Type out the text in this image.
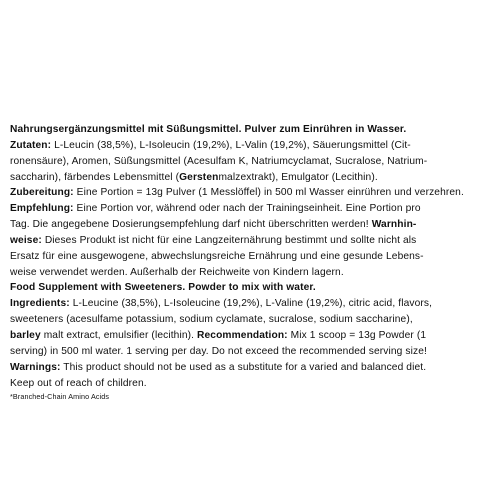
Nahrungsergänzungsmittel mit Süßungsmittel. Pulver zum Einrühren in Wasser.
Zutaten: L-Leucin (38,5%), L-Isoleucin (19,2%), L-Valin (19,2%), Säuerungsmittel (Cit-
ronensäure), Aromen, Süßungsmittel (Acesulfam K, Natriumcyclamat, Sucralose, Natrium-
saccharin), färbendes Lebensmittel (Gerstenmalzextrakt), Emulgator (Lecithin).
Zubereitung: Eine Portion = 13g Pulver (1 Messlöffel) in 500 ml Wasser einrühren und verzehren.
Empfehlung: Eine Portion vor, während oder nach der Trainingseinheit. Eine Portion pro
Tag. Die angegebene Dosierungsempfehlung darf nicht überschritten werden! Warnhin-
weise: Dieses Produkt ist nicht für eine Langzeiternährung bestimmt und sollte nicht als
Ersatz für eine ausgewogene, abwechslungsreiche Ernährung und eine gesunde Lebens-
weise verwendet werden. Außerhalb der Reichweite von Kindern lagern.
Food Supplement with Sweeteners. Powder to mix with water.
Ingredients: L-Leucine (38,5%), L-Isoleucine (19,2%), L-Valine (19,2%), citric acid, flavors,
sweeteners (acesulfame potassium, sodium cyclamate, sucralose, sodium saccharine),
barley malt extract, emulsifier (lecithin). Recommendation: Mix 1 scoop = 13g Powder (1
serving) in 500 ml water. 1 serving per day. Do not exceed the recommended serving size!
Warnings: This product should not be used as a substitute for a varied and balanced diet.
Keep out of reach of children.
*Branched-Chain Amino Acids
